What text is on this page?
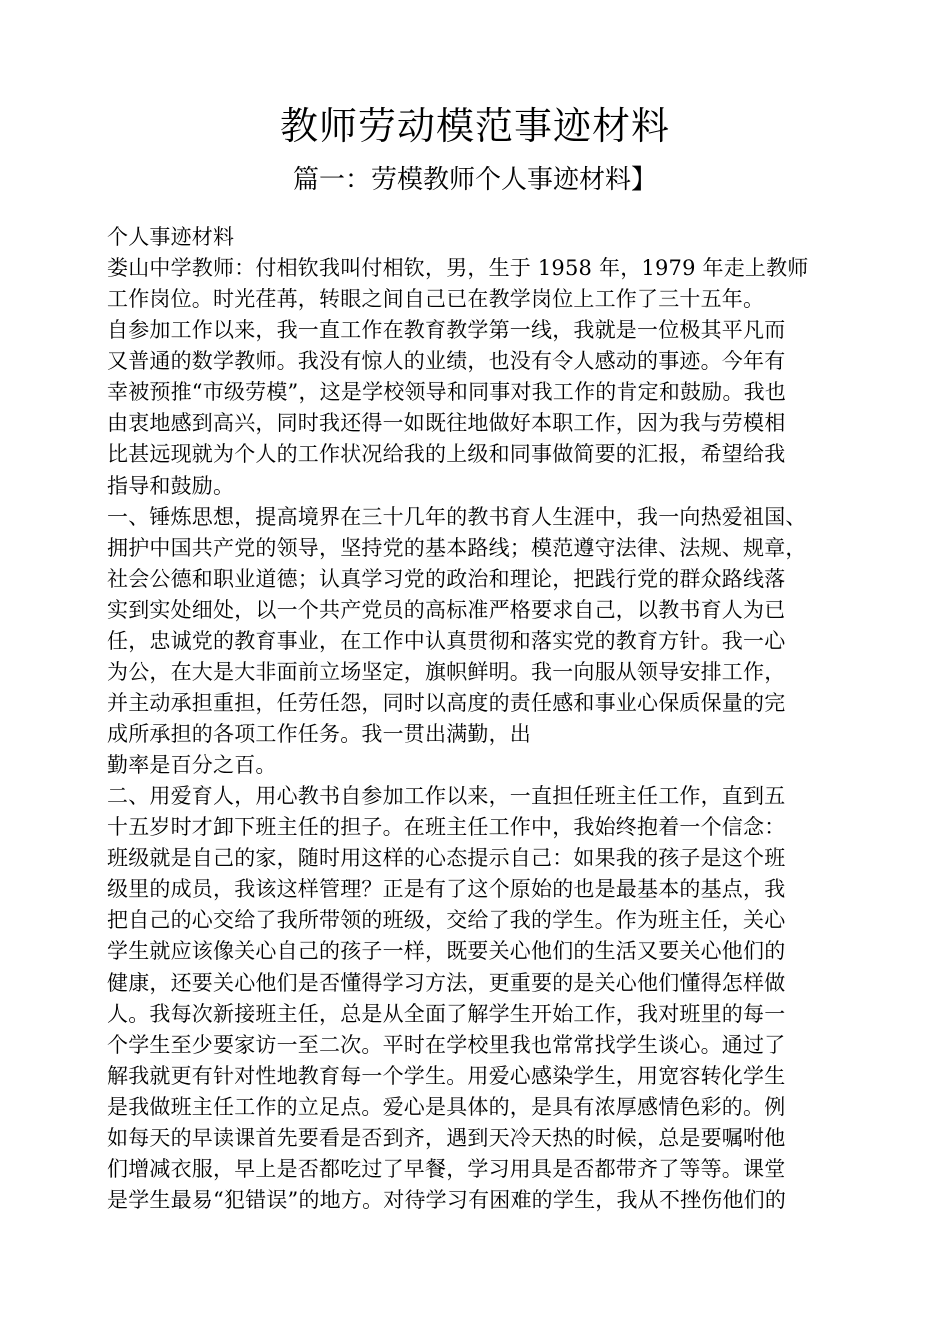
教师劳动模范事迹材料
篇一：劳模教师个人事迹材料】
个人事迹材料
娄山中学教师：付相钦我叫付相钦，男，生于 1958 年，1979 年走上教师
工作岗位。时光荏苒，转眼之间自己已在教学岗位上工作了三十五年。
自参加工作以来，我一直工作在教育教学第一线，我就是一位极其平凡而
又普通的数学教师。我没有惊人的业绩，也没有令人感动的事迹。今年有
幸被预推“市级劳模”，这是学校领导和同事对我工作的肯定和鼓励。我也
由衷地感到高兴，同时我还得一如既往地做好本职工作，因为我与劳模相
比甚远现就为个人的工作状况给我的上级和同事做简要的汇报，希望给我
指导和鼓励。
一、锤炼思想，提高境界在三十几年的教书育人生涯中，我一向热爱祖国、
拥护中国共产党的领导，坚持党的基本路线；模范遵守法律、法规、规章，
社会公德和职业道德；认真学习党的政治和理论，把践行党的群众路线落
实到实处细处，以一个共产党员的高标准严格要求自己，以教书育人为已
任，忠诚党的教育事业，在工作中认真贯彻和落实党的教育方针。我一心
为公，在大是大非面前立场坚定，旗帜鲜明。我一向服从领导安排工作，
并主动承担重担，任劳任怨，同时以高度的责任感和事业心保质保量的完
成所承担的各项工作任务。我一贯出满勤，出
勤率是百分之百。
二、用爱育人，用心教书自参加工作以来，一直担任班主任工作，直到五
十五岁时才卸下班主任的担子。在班主任工作中，我始终抱着一个信念：
班级就是自己的家，随时用这样的心态提示自己：如果我的孩子是这个班
级里的成员，我该这样管理？正是有了这个原始的也是最基本的基点，我
把自己的心交给了我所带领的班级，交给了我的学生。作为班主任，关心
学生就应该像关心自己的孩子一样，既要关心他们的生活又要关心他们的
健康，还要关心他们是否懂得学习方法，更重要的是关心他们懂得怎样做
人。我每次新接班主任，总是从全面了解学生开始工作，我对班里的每一
个学生至少要家访一至二次。平时在学校里我也常常找学生谈心。通过了
解我就更有针对性地教育每一个学生。用爱心感染学生，用宽容转化学生
是我做班主任工作的立足点。爱心是具体的，是具有浓厚感情色彩的。例
如每天的早读课首先要看是否到齐，遇到天冷天热的时候，总是要嘱咐他
们增减衣服，早上是否都吃过了早餐，学习用具是否都带齐了等等。课堂
是学生最易“犯错误”的地方。对待学习有困难的学生，我从不挫伤他们的
